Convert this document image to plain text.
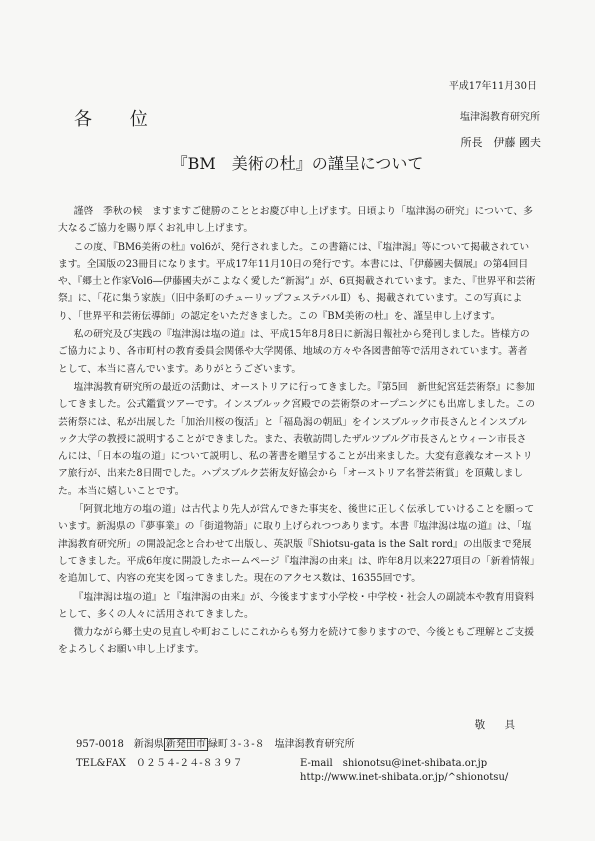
平成17年11月30日
各 位	塩津潟教育研究所
所長　伊藤 國夫
『BM　美術の杜』の謹呈について

謹啓　季秋の候　ますますご健勝のこととお慶び申し上げます。日頃より「塩津潟の研究」について、多大なるご協力を賜り厚くお礼申し上げます。

この度、『BM6美術の杜』vol6が、発行されました。この書籍には、『塩津潟』等について掲載されています。全国版の23冊目になります。平成17年11月10日の発行です。本書には、『伊藤國夫個展』の第4回目や、『郷土と作家Vol6―伊藤國夫がこよなく愛した“新潟”』が、6頁掲載されています。また、『世界平和芸術祭』に、「花に集う家族」（旧中条町のチューリップフェステバルⅡ）も、掲載されています。この写真により、「世界平和芸術伝導師」の認定をいただきました。この『BM美術の杜』を、謹呈申し上げます。

私の研究及び実践の『塩津潟は塩の道』は、平成15年8月8日に新潟日報社から発刊しました。皆様方のご協力により、各市町村の教育委員会関係や大学関係、地域の方々や各図書館等で活用されています。著者として、本当に喜んでいます。ありがとうございます。

塩津潟教育研究所の最近の活動は、オーストリアに行ってきました。『第5回　新世紀宮廷芸術祭』に参加してきました。公式鑑賞ツアーです。インスブルック宮殿での芸術祭のオープニングにも出席しました。この芸術祭には、私が出展した「加治川桜の復活」と「福島潟の朝凪」をインスブルック市長さんとインスブルック大学の教授に説明することができました。また、表敬訪問したザルツブルグ市長さんとウィーン市長さんには、「日本の塩の道」について説明し、私の著書を贈呈することが出来ました。大変有意義なオーストリア旅行が、出来た8日間でした。ハプスブルク芸術友好協会から「オーストリア名誉芸術賞」を頂戴しました。本当に嬉しいことです。

「阿賀北地方の塩の道」は古代より先人が営んできた事実を、後世に正しく伝承していけることを願っています。新潟県の『夢事業』の「街道物語」に取り上げられつつあります。本書『塩津潟は塩の道』は、「塩津潟教育研究所」の開設記念と合わせて出版し、英訳版『Shiotsu-gata is the Salt rord』の出版まで発展してきました。平成6年度に開設したホームページ『塩津潟の由来』は、昨年8月以来227項目の「新着情報」を追加して、内容の充実を図ってきました。現在のアクセス数は、16355回です。

『塩津潟は塩の道』と『塩津潟の由来』が、今後ますます小学校・中学校・社会人の副読本や教育用資料として、多くの人々に活用されてきました。

微力ながら郷土史の見直しや町おこしにこれからも努力を続けて参りますので、今後ともご理解とご支援をよろしくお願い申し上げます。

敬 具
957‐0018　新潟県 新発田市 緑町３‐３‐８　塩津潟教育研究所
TEL&FAX　０２５４‐２４‐８３９７	E-mail　shionotsu@inet-shibata.or.jp
http://www.inet-shibata.or.jp/^shionotsu/
